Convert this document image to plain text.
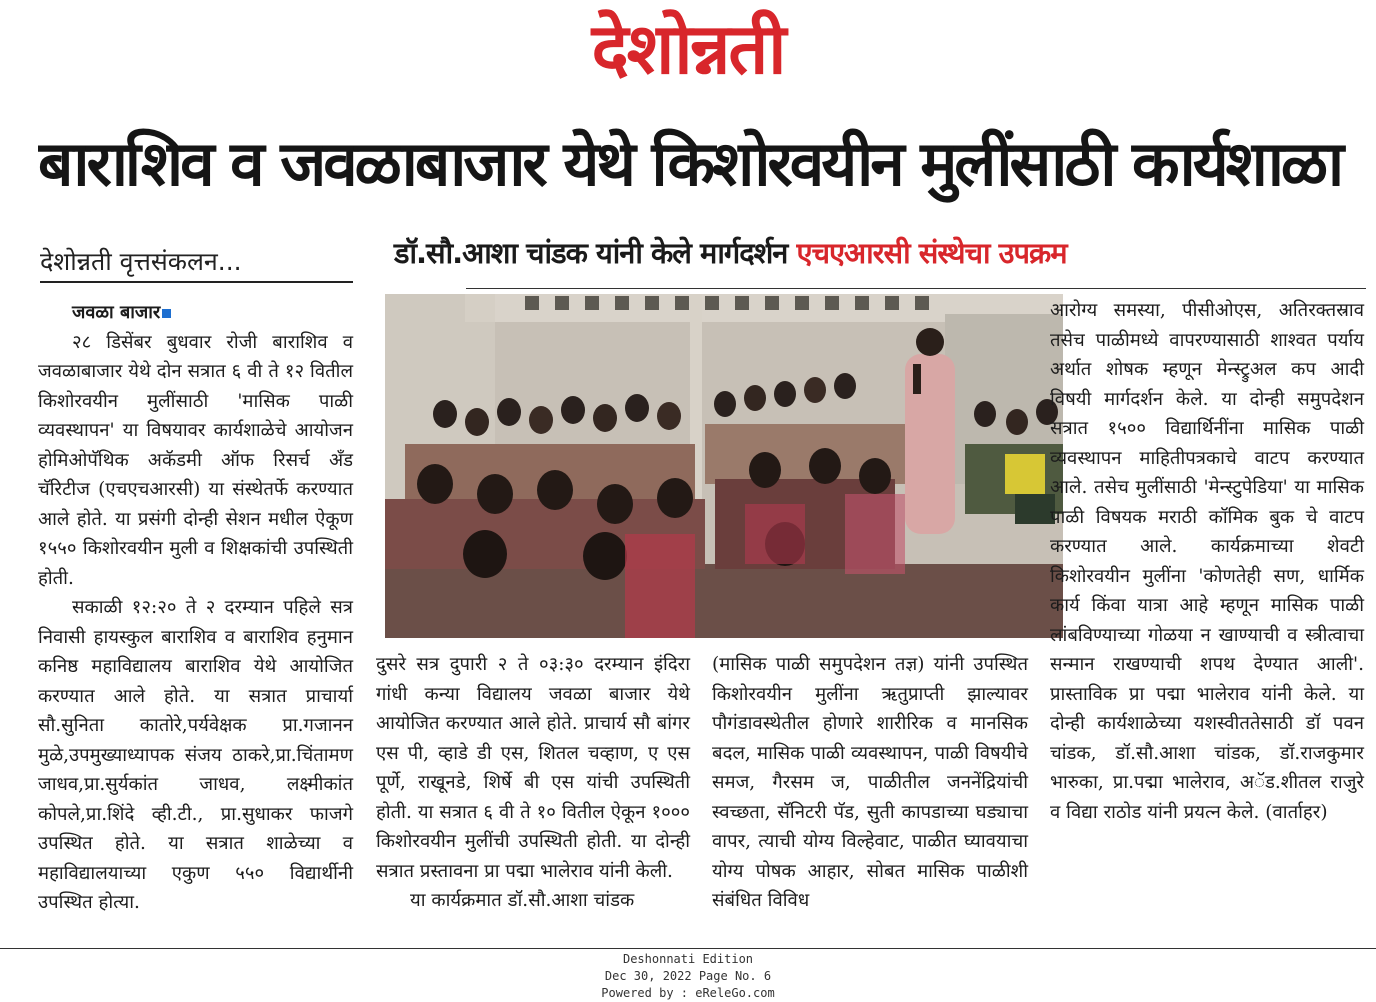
देशोन्नती
बाराशिव व जवळाबाजार येथे किशोरवयीन मुलींसाठी कार्यशाळा
देशोन्नती वृत्तसंकलन...	डॉ.सौ.आशा चांडक यांनी केले मार्गदर्शन एचएआरसी संस्थेचा उपक्रम
जवळा बाजार

२८ डिसेंबर बुधवार रोजी बाराशिव व जवळाबाजार येथे दोन सत्रात ६ वी ते १२ वितील किशोरवयीन मुलींसाठी 'मासिक पाळी व्यवस्थापन' या विषयावर कार्यशाळेचे आयोजन होमिओपॅथिक अकॅडमी ऑफ रिसर्च अँड चॅरिटीज (एचएचआरसी) या संस्थेतर्फे करण्यात आले होते. या प्रसंगी दोन्ही सेशन मधील ऐकूण १५५० किशोरवयीन मुली व शिक्षकांची उपस्थिती होती.

सकाळी १२:२० ते २ दरम्यान पहिले सत्र निवासी हायस्कुल बाराशिव व बाराशिव हनुमान कनिष्ठ महाविद्यालय बाराशिव येथे आयोजित करण्यात आले होते. या सत्रात प्राचार्या सौ.सुनिता कातोरे,पर्यवेक्षक प्रा.गजानन मुळे,उपमुख्याध्यापक संजय ठाकरे,प्रा.चिंतामण जाधव,प्रा.सुर्यकांत जाधव, लक्ष्मीकांत कोपले,प्रा.शिंदे व्ही.टी., प्रा.सुधाकर फाजगे उपस्थित होते. या सत्रात शाळेच्या व महाविद्यालयाच्या एकुण ५५० विद्यार्थीनी उपस्थित होत्या.

दुसरे सत्र दुपारी २ ते ०३:३० दरम्यान इंदिरा गांधी कन्या विद्यालय जवळा बाजार येथे आयोजित करण्यात आले होते. प्राचार्य सौ बांगर एस पी, व्हाडे डी एस, शितल चव्हाण, ए एस पूर्णे, राखूनडे, शिर्षे बी एस यांची उपस्थिती होती. या सत्रात ६ वी ते १० वितील ऐकून १००० किशोरवयीन मुलींची उपस्थिती होती. या दोन्ही सत्रात प्रस्तावना प्रा पद्मा भालेराव यांनी केली.

या कार्यक्रमात डॉ.सौ.आशा चांडक

(मासिक पाळी समुपदेशन तज्ञ) यांनी उपस्थित किशोरवयीन मुलींना ऋतुप्राप्ती झाल्यावर पौगंडावस्थेतील होणारे शारीरिक व मानसिक बदल, मासिक पाळी व्यवस्थापन, पाळी विषयीचे समज, गैरसम ज, पाळीतील जननेंद्रियांची स्वच्छता, सॅनिटरी पॅड, सुती कापडाच्या घड्याचा वापर, त्याची योग्य विल्हेवाट, पाळीत घ्यावयाचा योग्य पोषक आहार, सोबत मासिक पाळीशी संबंधित विविध

आरोग्य समस्या, पीसीओएस, अतिरक्तस्राव तसेच पाळीमध्ये वापरण्यासाठी शाश्वत पर्याय अर्थात शोषक म्हणून मेन्स्ट्रुअल कप आदी विषयी मार्गदर्शन केले. या दोन्ही समुपदेशन सत्रात १५०० विद्यार्थिनींना मासिक पाळी व्यवस्थापन माहितीपत्रकाचे वाटप करण्यात आले. तसेच मुलींसाठी 'मेन्स्टुपेडिया' या मासिक पाळी विषयक मराठी कॉमिक बुक चे वाटप करण्यात आले. कार्यक्रमाच्या शेवटी किशोरवयीन मुलींना 'कोणतेही सण, धार्मिक कार्य किंवा यात्रा आहे म्हणून मासिक पाळी लांबविण्याच्या गोळया न खाण्याची व स्त्रीत्वाचा सन्मान राखण्याची शपथ देण्यात आली'. प्रास्ताविक प्रा पद्मा भालेराव यांनी केले. या दोन्ही कार्यशाळेच्या यशस्वीततेसाठी डॉ पवन चांडक, डॉ.सौ.आशा चांडक, डॉ.राजकुमार भारुका, प्रा.पद्मा भालेराव, अॅड.शीतल राजुरे व विद्या राठोड यांनी प्रयत्न केले. (वार्ताहर)

Deshonnati Edition
Dec 30, 2022 Page No. 6
Powered by : eReleGo.com
